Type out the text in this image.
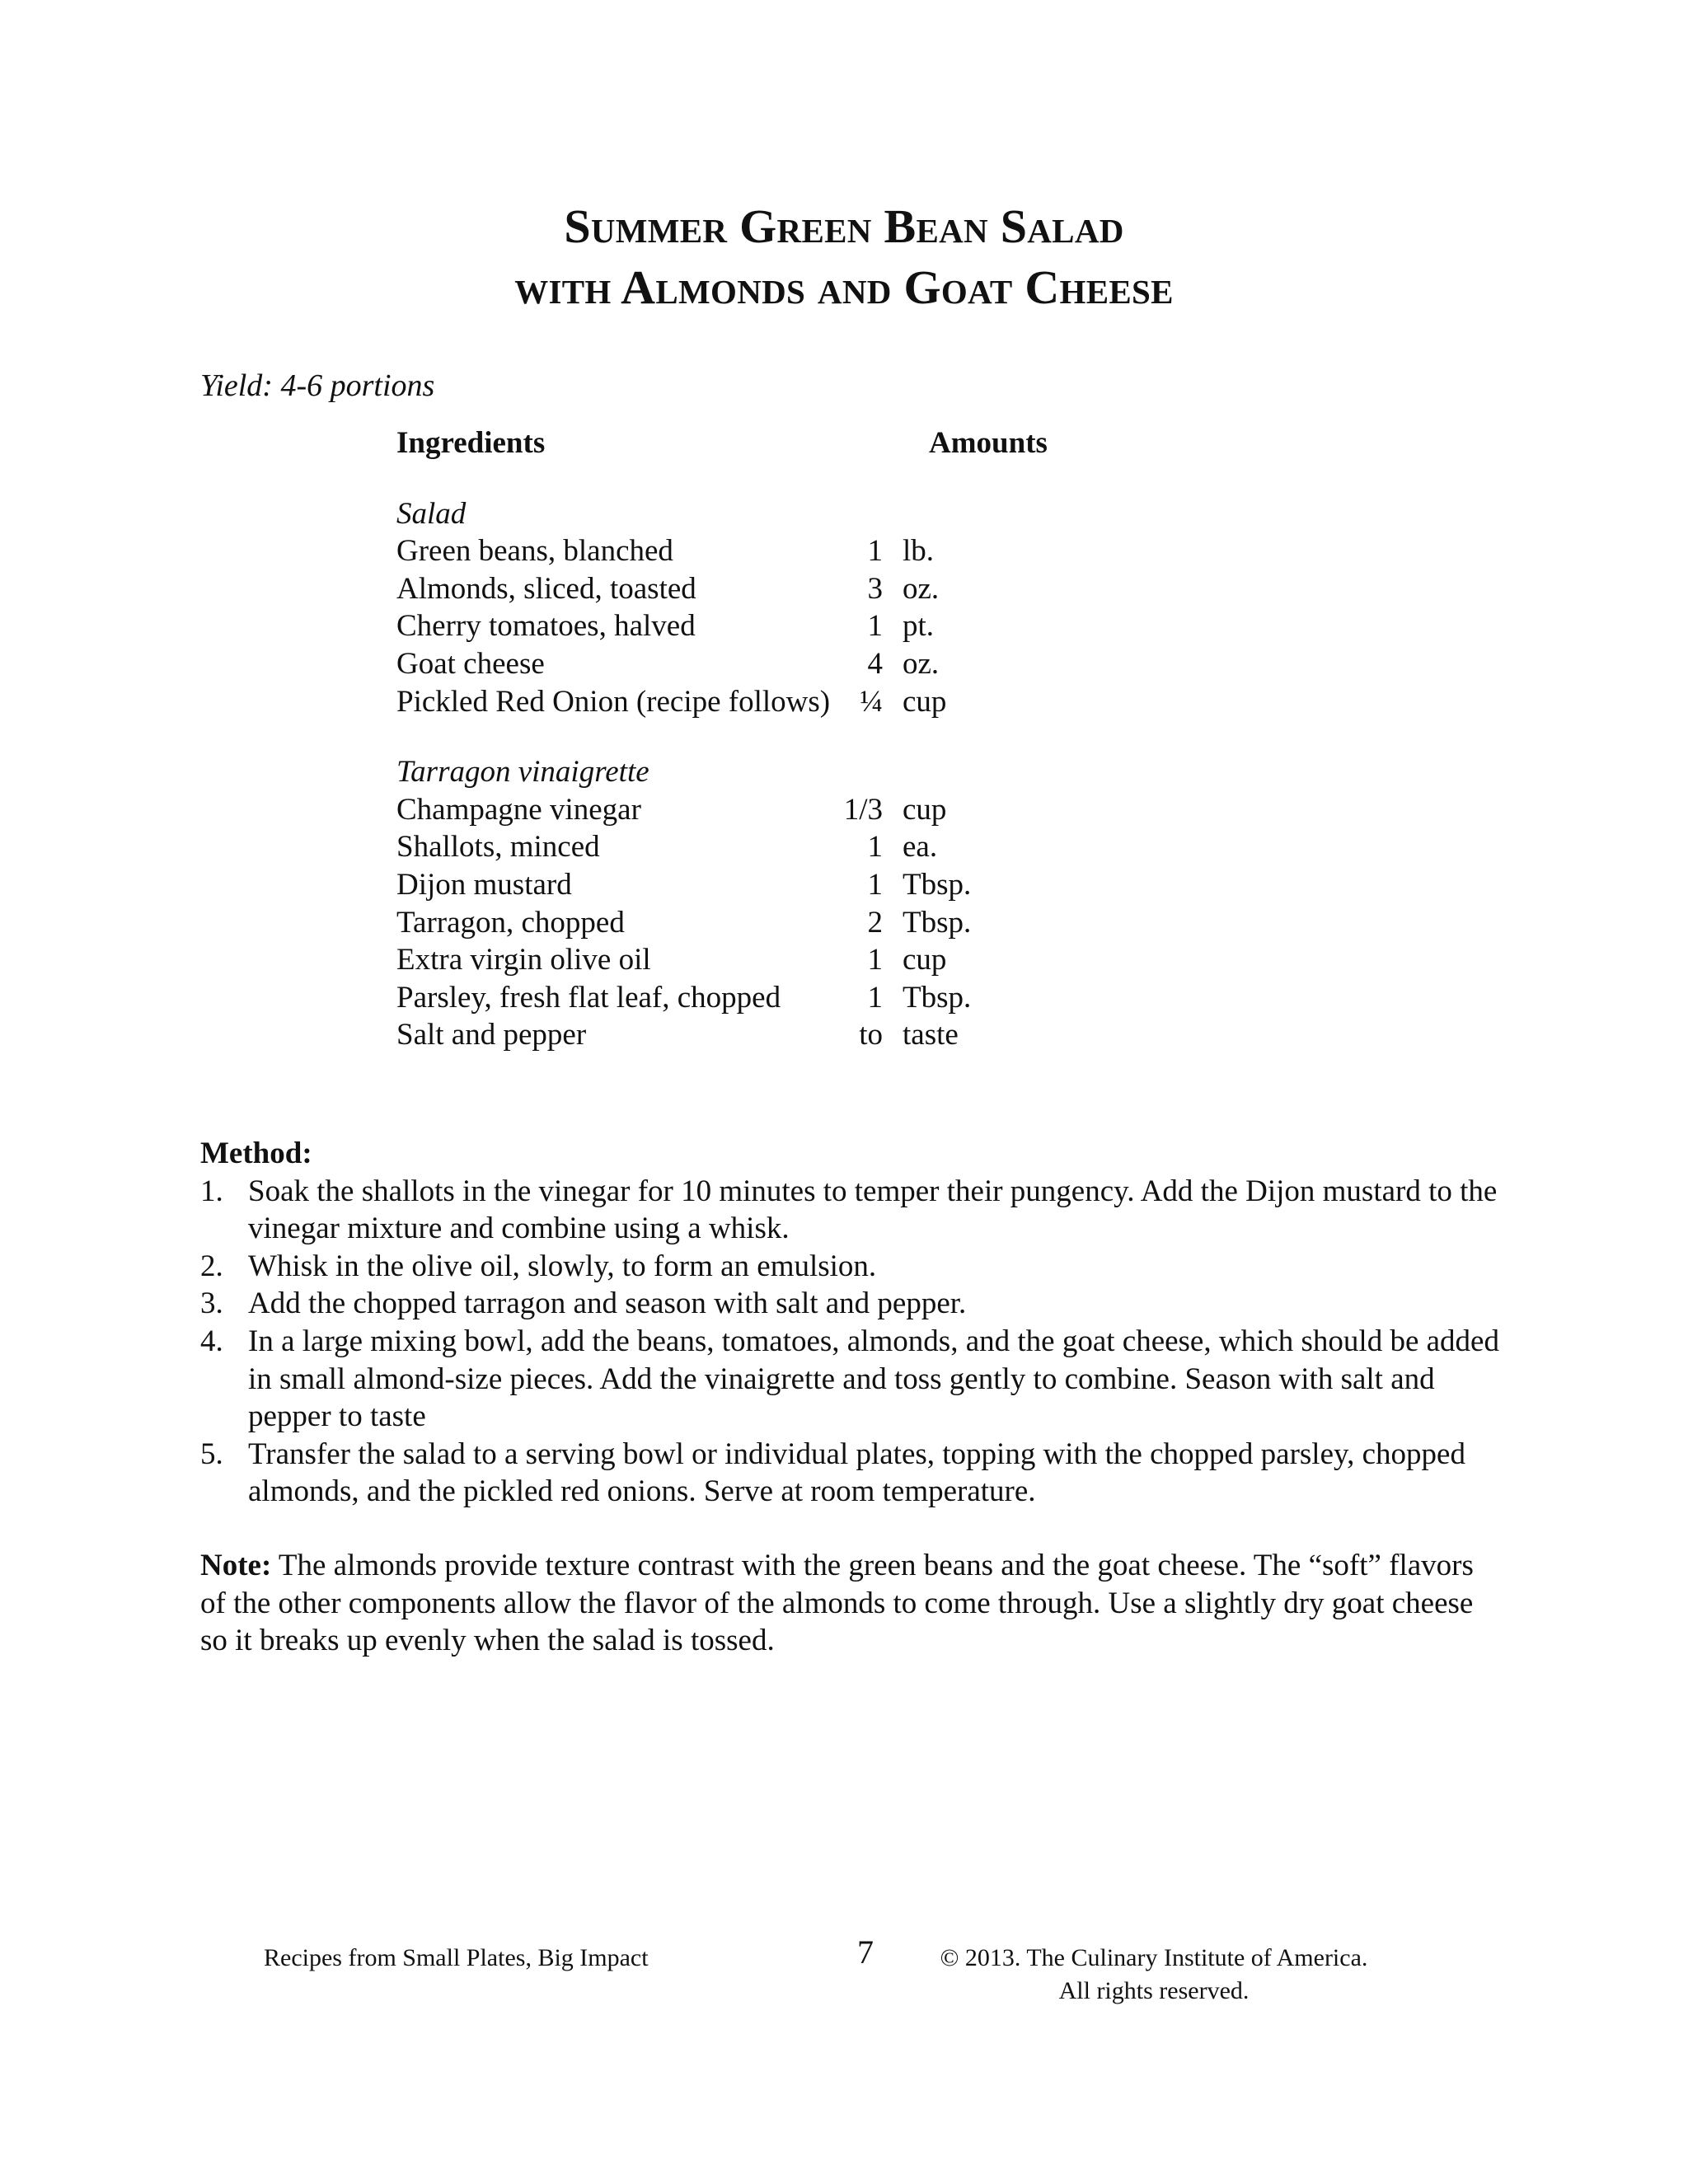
Summer Green Bean Salad
with Almonds and Goat Cheese
Yield: 4-6 portions
Ingredients	Amounts
Salad
Green beans, blanched	1 lb.
Almonds, sliced, toasted	3 oz.
Cherry tomatoes, halved	1 pt.
Goat cheese	4 oz.
Pickled Red Onion (recipe follows) ¼ cup
Tarragon vinaigrette
Champagne vinegar	1/3 cup
Shallots, minced	1 ea.
Dijon mustard	1 Tbsp.
Tarragon, chopped	2 Tbsp.
Extra virgin olive oil	1 cup
Parsley, fresh flat leaf, chopped	1 Tbsp.
Salt and pepper	to taste
Method:
1. Soak the shallots in the vinegar for 10 minutes to temper their pungency. Add the Dijon mustard to the vinegar mixture and combine using a whisk.
2. Whisk in the olive oil, slowly, to form an emulsion.
3. Add the chopped tarragon and season with salt and pepper.
4. In a large mixing bowl, add the beans, tomatoes, almonds, and the goat cheese, which should be added in small almond-size pieces. Add the vinaigrette and toss gently to combine. Season with salt and pepper to taste
5. Transfer the salad to a serving bowl or individual plates, topping with the chopped parsley, chopped almonds, and the pickled red onions. Serve at room temperature.
Note: The almonds provide texture contrast with the green beans and the goat cheese. The “soft” flavors of the other components allow the flavor of the almonds to come through. Use a slightly dry goat cheese so it breaks up evenly when the salad is tossed.
Recipes from Small Plates, Big Impact	7	© 2013. The Culinary Institute of America.
All rights reserved.
